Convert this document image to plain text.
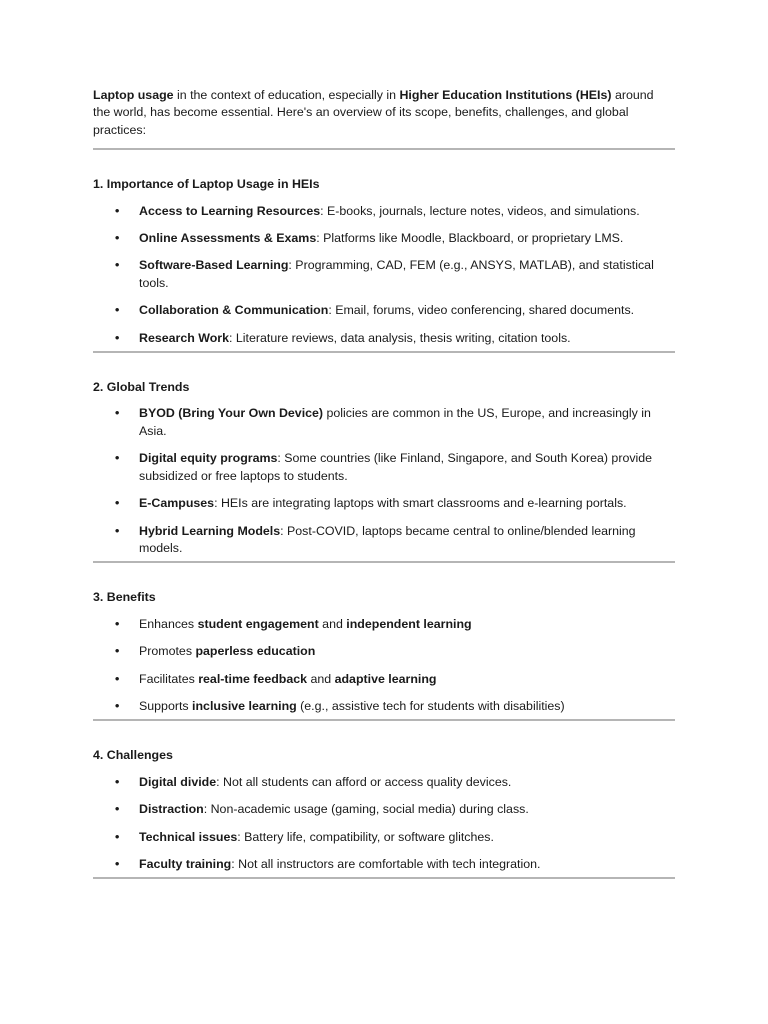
Laptop usage in the context of education, especially in Higher Education Institutions (HEIs) around
the world, has become essential. Here's an overview of its scope, benefits, challenges, and global
practices:

1. Importance of Laptop Usage in HEIs

• Access to Learning Resources: E-books, journals, lecture notes, videos, and simulations.
• Online Assessments & Exams: Platforms like Moodle, Blackboard, or proprietary LMS.
• Software-Based Learning: Programming, CAD, FEM (e.g., ANSYS, MATLAB), and statistical
tools.
• Collaboration & Communication: Email, forums, video conferencing, shared documents.
• Research Work: Literature reviews, data analysis, thesis writing, citation tools.

2. Global Trends

• BYOD (Bring Your Own Device) policies are common in the US, Europe, and increasingly in
Asia.
• Digital equity programs: Some countries (like Finland, Singapore, and South Korea) provide
subsidized or free laptops to students.
• E-Campuses: HEIs are integrating laptops with smart classrooms and e-learning portals.
• Hybrid Learning Models: Post-COVID, laptops became central to online/blended learning
models.

3. Benefits

• Enhances student engagement and independent learning
• Promotes paperless education
• Facilitates real-time feedback and adaptive learning
• Supports inclusive learning (e.g., assistive tech for students with disabilities)

4. Challenges

• Digital divide: Not all students can afford or access quality devices.
• Distraction: Non-academic usage (gaming, social media) during class.
• Technical issues: Battery life, compatibility, or software glitches.
• Faculty training: Not all instructors are comfortable with tech integration.
